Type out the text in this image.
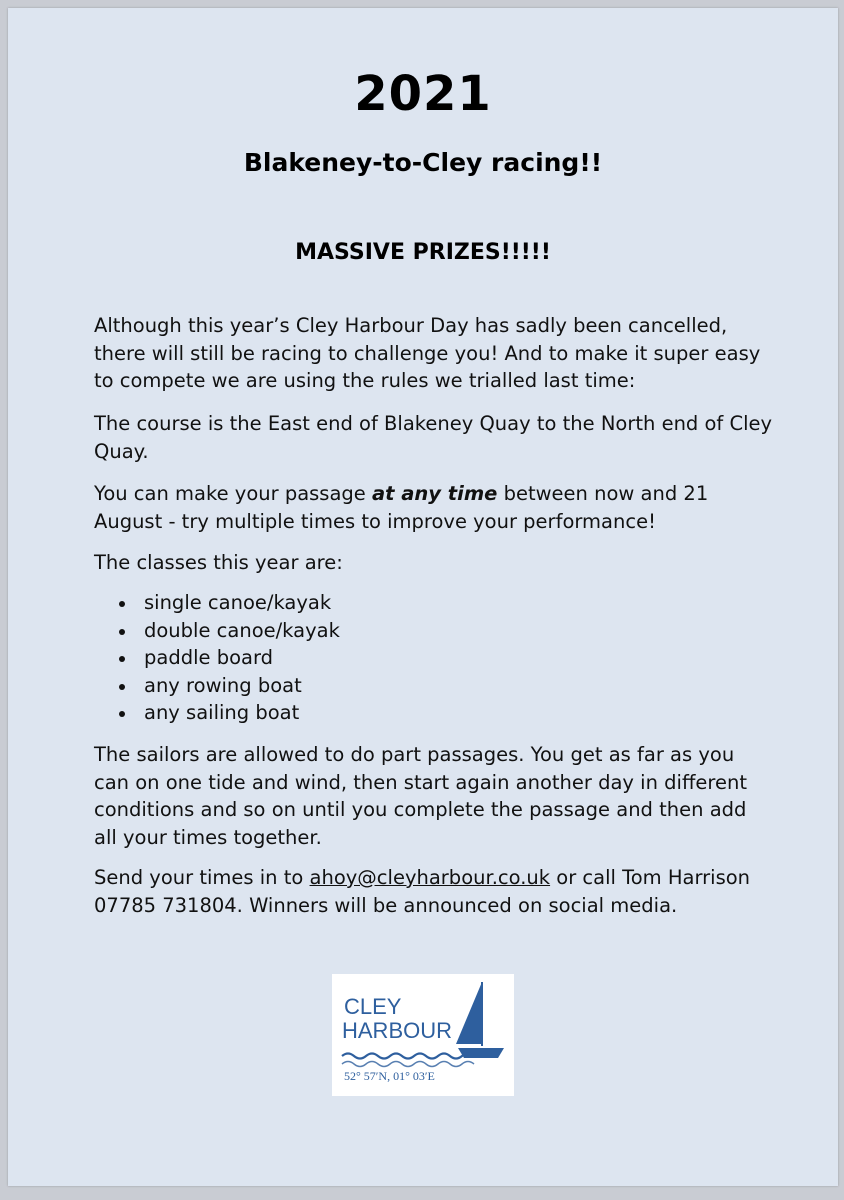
2021
Blakeney-to-Cley racing!!
MASSIVE PRIZES!!!!!
Although this year’s Cley Harbour Day has sadly been cancelled, there will still be racing to challenge you! And to make it super easy to compete we are using the rules we trialled last time:
The course is the East end of Blakeney Quay to the North end of Cley Quay.
You can make your passage at any time between now and 21 August - try multiple times to improve your performance!
The classes this year are:
single canoe/kayak
double canoe/kayak
paddle board
any rowing boat
any sailing boat
The sailors are allowed to do part passages. You get as far as you can on one tide and wind, then start again another day in different conditions and so on until you complete the passage and then add all your times together.
Send your times in to ahoy@cleyharbour.co.uk or call Tom Harrison 07785 731804. Winners will be announced on social media.
CLEY
HARBOUR
52° 57′N, 01° 03′E
